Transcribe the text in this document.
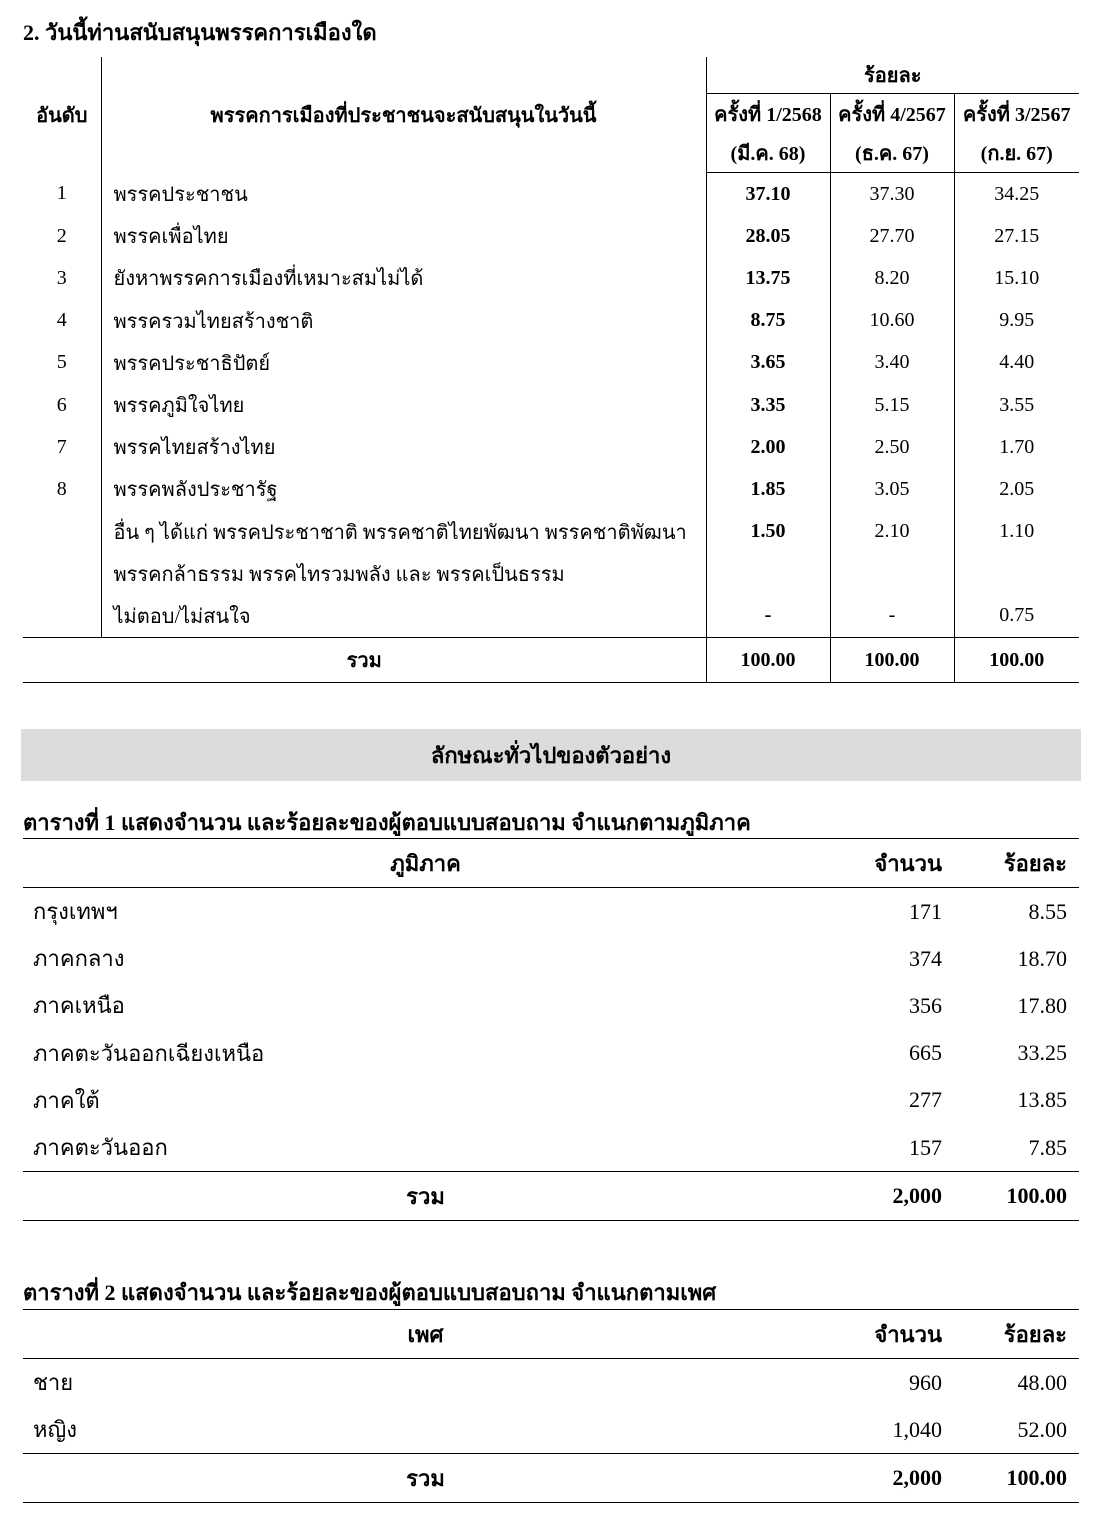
2. วันนี้ท่านสนับสนุนพรรคการเมืองใด
อันดับ	พรรคการเมืองที่ประชาชนจะสนับสนุนในวันนี้	ร้อยละ		
		ครั้งที่ 1/2568	ครั้งที่ 4/2567	ครั้งที่ 3/2567
		(มี.ค. 68)	(ธ.ค. 67)	(ก.ย. 67)
1	พรรคประชาชน	37.10	37.30	34.25
2	พรรคเพื่อไทย	28.05	27.70	27.15
3	ยังหาพรรคการเมืองที่เหมาะสมไม่ได้	13.75	8.20	15.10
4	พรรครวมไทยสร้างชาติ	8.75	10.60	9.95
5	พรรคประชาธิปัตย์	3.65	3.40	4.40
6	พรรคภูมิใจไทย	3.35	5.15	3.55
7	พรรคไทยสร้างไทย	2.00	2.50	1.70
8	พรรคพลังประชารัฐ	1.85	3.05	2.05
	อื่น ๆ ได้แก่ พรรคประชาชาติ พรรคชาติไทยพัฒนา พรรคชาติพัฒนา	1.50	2.10	1.10
	พรรคกล้าธรรม พรรคไทรวมพลัง และ พรรคเป็นธรรม			
	ไม่ตอบ/ไม่สนใจ	-	-	0.75
รวม		100.00	100.00	100.00
ลักษณะทั่วไปของตัวอย่าง
ตารางที่ 1 แสดงจำนวน และร้อยละของผู้ตอบแบบสอบถาม จำแนกตามภูมิภาค
ภูมิภาค	จำนวน	ร้อยละ
กรุงเทพฯ	171	8.55
ภาคกลาง	374	18.70
ภาคเหนือ	356	17.80
ภาคตะวันออกเฉียงเหนือ	665	33.25
ภาคใต้	277	13.85
ภาคตะวันออก	157	7.85
รวม	2,000	100.00
ตารางที่ 2 แสดงจำนวน และร้อยละของผู้ตอบแบบสอบถาม จำแนกตามเพศ
เพศ	จำนวน	ร้อยละ
ชาย	960	48.00
หญิง	1,040	52.00
รวม	2,000	100.00
